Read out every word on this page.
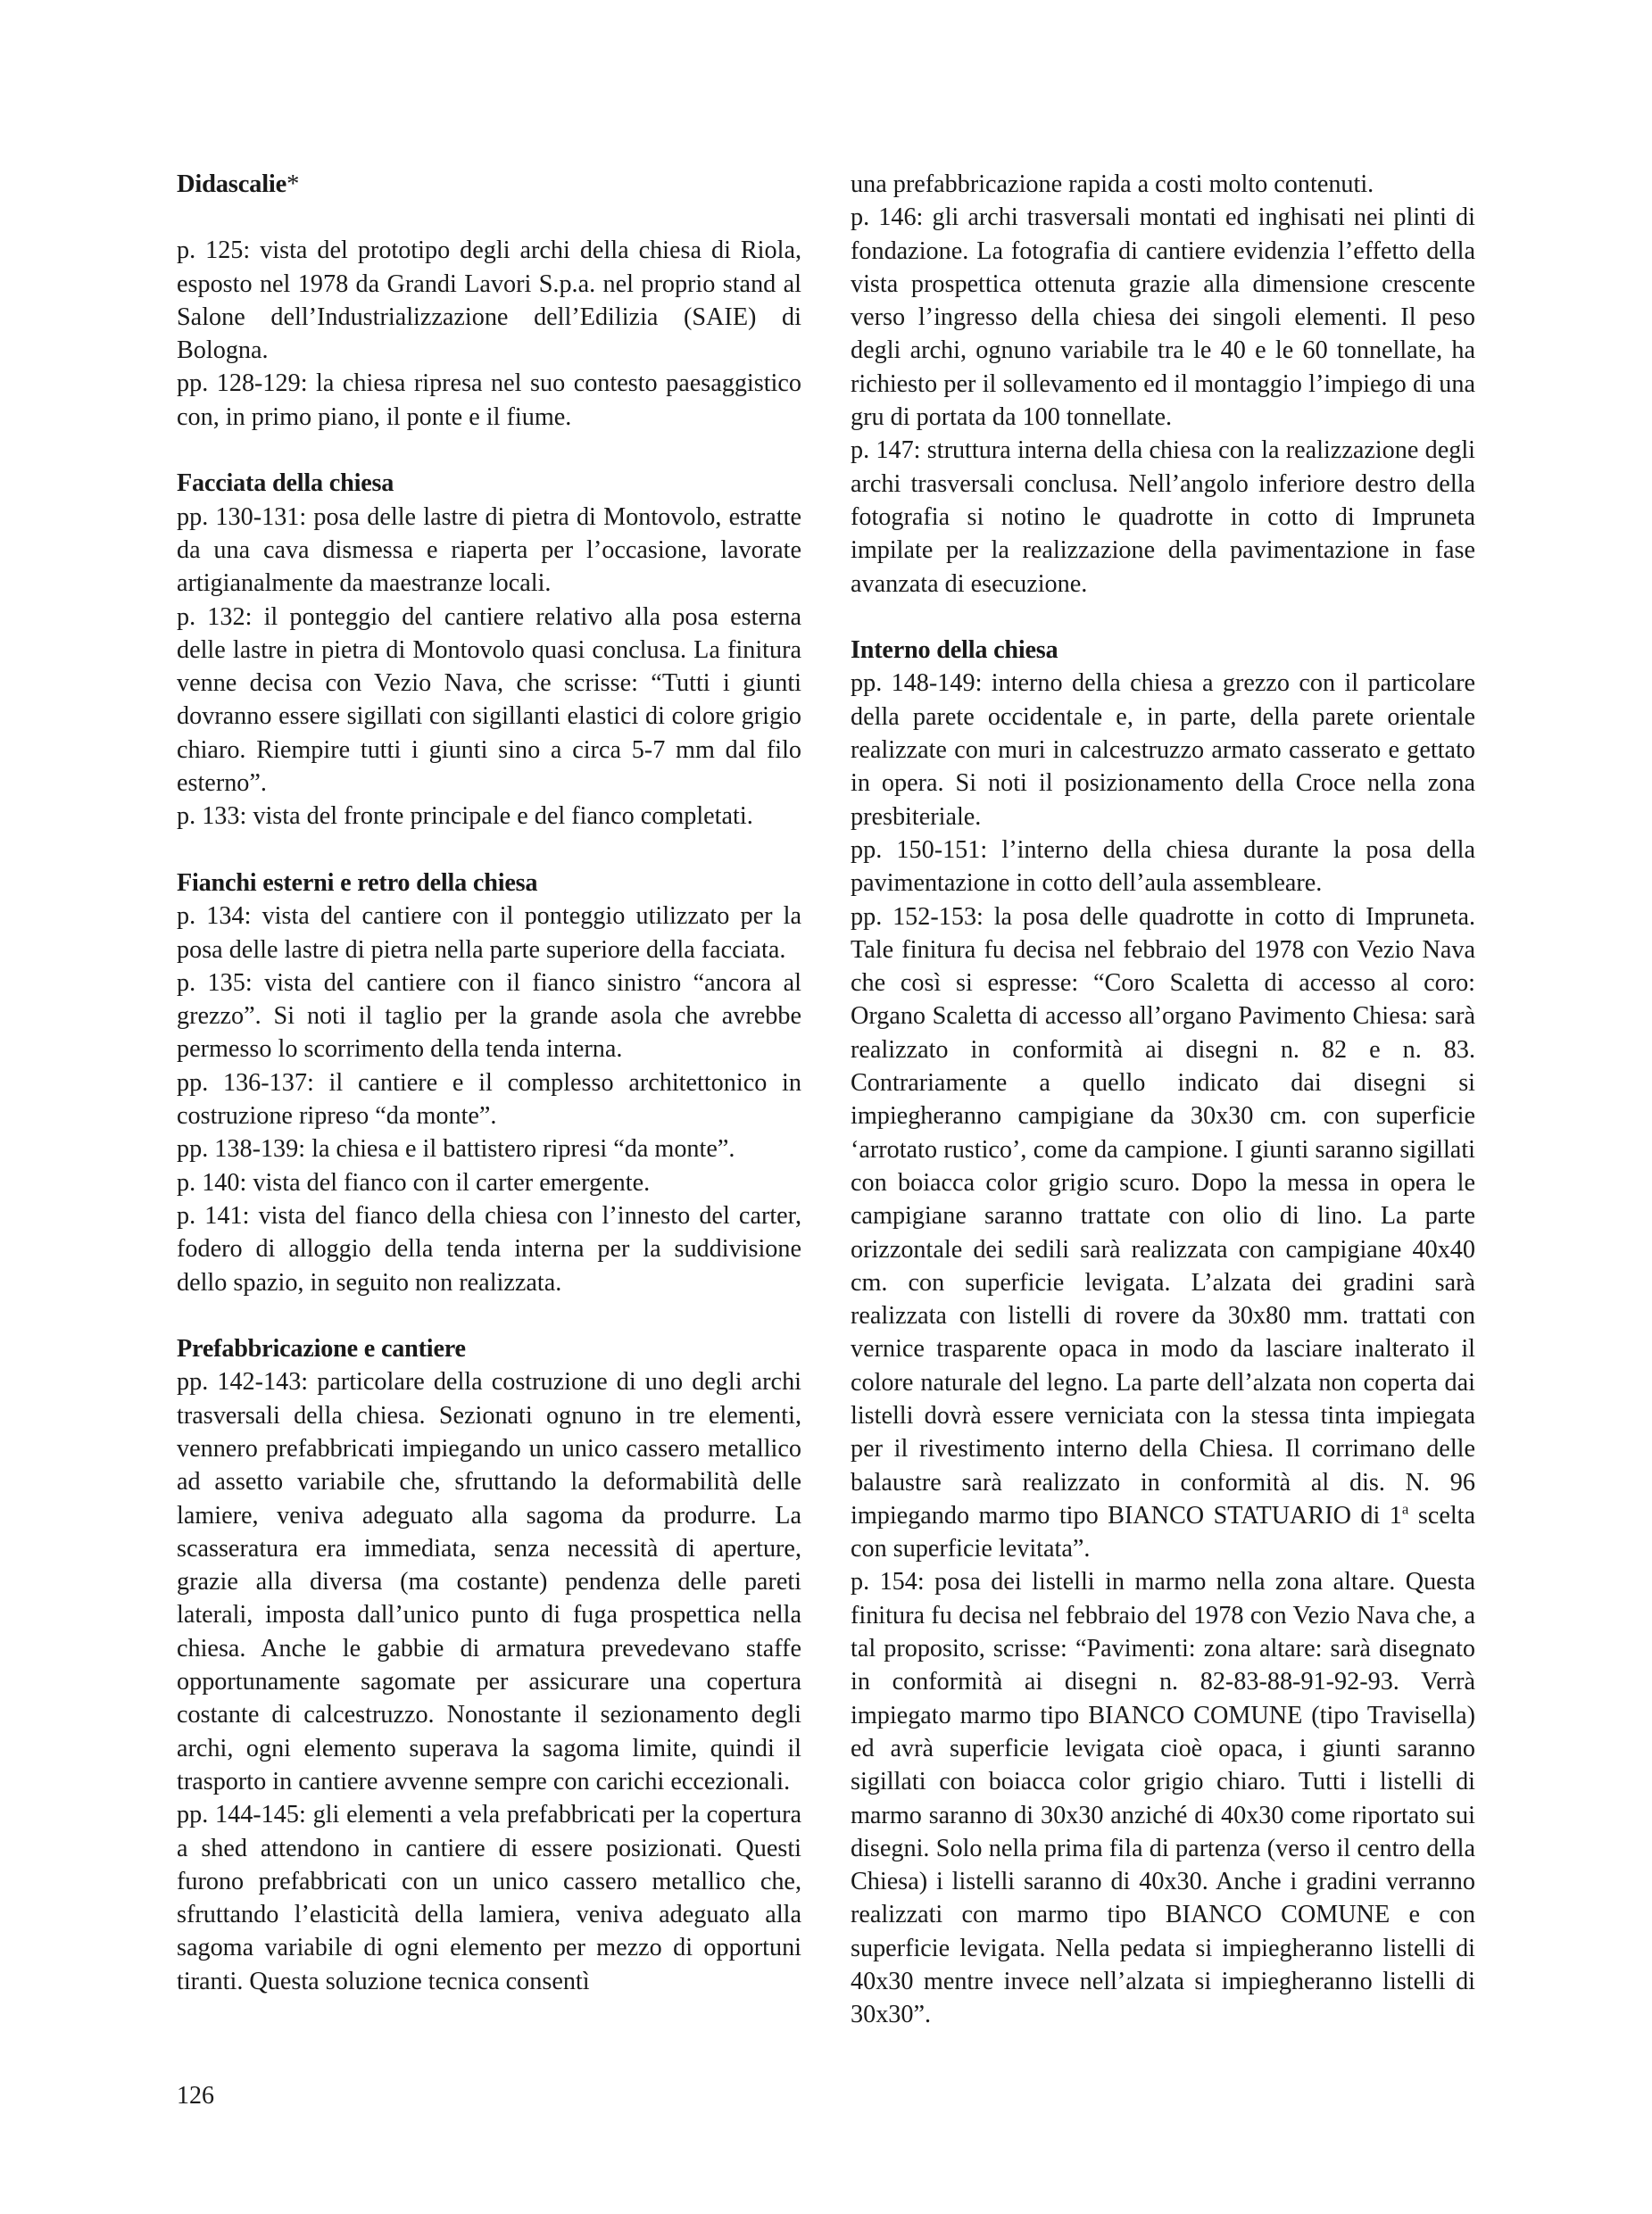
Didascalie*

p. 125: vista del prototipo degli archi della chiesa di Riola, esposto nel 1978 da Grandi Lavori S.p.a. nel proprio stand al Salone dell’Industrializzazione dell’Edilizia (SAIE) di Bologna.

pp. 128-129: la chiesa ripresa nel suo contesto paesaggistico con, in primo piano, il ponte e il fiume.

Facciata della chiesa

pp. 130-131: posa delle lastre di pietra di Montovolo, estratte da una cava dismessa e riaperta per l’occasione, lavorate artigianalmente da maestranze locali.

p. 132: il ponteggio del cantiere relativo alla posa esterna delle lastre in pietra di Montovolo quasi conclusa. La finitura venne decisa con Vezio Nava, che scrisse: “Tutti i giunti dovranno essere sigillati con sigillanti elastici di colore grigio chiaro. Riempire tutti i giunti sino a circa 5-7 mm dal filo esterno”.

p. 133: vista del fronte principale e del fianco completati.

Fianchi esterni e retro della chiesa

p. 134: vista del cantiere con il ponteggio utilizzato per la posa delle lastre di pietra nella parte superiore della facciata.

p. 135: vista del cantiere con il fianco sinistro “ancora al grezzo”. Si noti il taglio per la grande asola che avrebbe permesso lo scorrimento della tenda interna.

pp. 136-137: il cantiere e il complesso architettonico in costruzione ripreso “da monte”.

pp. 138-139: la chiesa e il battistero ripresi “da monte”.

p. 140: vista del fianco con il carter emergente.

p. 141: vista del fianco della chiesa con l’innesto del carter, fodero di alloggio della tenda interna per la suddivisione dello spazio, in seguito non realizzata.

Prefabbricazione e cantiere

pp. 142-143: particolare della costruzione di uno degli archi trasversali della chiesa. Sezionati ognuno in tre elementi, vennero prefabbricati impiegando un unico cassero metallico ad assetto variabile che, sfruttando la deformabilità delle lamiere, veniva adeguato alla sagoma da produrre. La scasseratura era immediata, senza necessità di aperture, grazie alla diversa (ma costante) pendenza delle pareti laterali, imposta dall’unico punto di fuga prospettica nella chiesa. Anche le gabbie di armatura prevedevano staffe opportunamente sagomate per assicurare una copertura costante di calcestruzzo. Nonostante il sezionamento degli archi, ogni elemento superava la sagoma limite, quindi il trasporto in cantiere avvenne sempre con carichi eccezionali.

pp. 144-145: gli elementi a vela prefabbricati per la copertura a shed attendono in cantiere di essere posizionati. Questi furono prefabbricati con un unico cassero metallico che, sfruttando l’elasticità della lamiera, veniva adeguato alla sagoma variabile di ogni elemento per mezzo di opportuni tiranti. Questa soluzione tecnica consentì

una prefabbricazione rapida a costi molto contenuti.

p. 146: gli archi trasversali montati ed inghisati nei plinti di fondazione. La fotografia di cantiere evidenzia l’effetto della vista prospettica ottenuta grazie alla dimensione crescente verso l’ingresso della chiesa dei singoli elementi. Il peso degli archi, ognuno variabile tra le 40 e le 60 tonnellate, ha richiesto per il sollevamento ed il montaggio l’impiego di una gru di portata da 100 tonnellate.

p. 147: struttura interna della chiesa con la realizzazione degli archi trasversali conclusa. Nell’angolo inferiore destro della fotografia si notino le quadrotte in cotto di Impruneta impilate per la realizzazione della pavimentazione in fase avanzata di esecuzione.

Interno della chiesa

pp. 148-149: interno della chiesa a grezzo con il particolare della parete occidentale e, in parte, della parete orientale realizzate con muri in calcestruzzo armato casserato e gettato in opera. Si noti il posizionamento della Croce nella zona presbiteriale.

pp. 150-151: l’interno della chiesa durante la posa della pavimentazione in cotto dell’aula assembleare.

pp. 152-153: la posa delle quadrotte in cotto di Impruneta. Tale finitura fu decisa nel febbraio del 1978 con Vezio Nava che così si espresse: “Coro Scaletta di accesso al coro: Organo Scaletta di accesso all’organo Pavimento Chiesa: sarà realizzato in conformità ai disegni n. 82 e n. 83. Contrariamente a quello indicato dai disegni si impiegheranno campigiane da 30x30 cm. con superficie ‘arrotato rustico’, come da campione. I giunti saranno sigillati con boiacca color grigio scuro. Dopo la messa in opera le campigiane saranno trattate con olio di lino. La parte orizzontale dei sedili sarà realizzata con campigiane 40x40 cm. con superficie levigata. L’alzata dei gradini sarà realizzata con listelli di rovere da 30x80 mm. trattati con vernice trasparente opaca in modo da lasciare inalterato il colore naturale del legno. La parte dell’alzata non coperta dai listelli dovrà essere verniciata con la stessa tinta impiegata per il rivestimento interno della Chiesa. Il corrimano delle balaustre sarà realizzato in conformità al dis. N. 96 impiegando marmo tipo BIANCO STATUARIO di 1$^a$ scelta con superficie levitata”.

p. 154: posa dei listelli in marmo nella zona altare. Questa finitura fu decisa nel febbraio del 1978 con Vezio Nava che, a tal proposito, scrisse: “Pavimenti: zona altare: sarà disegnato in conformità ai disegni n. 82-83-88-91-92-93. Verrà impiegato marmo tipo BIANCO COMUNE (tipo Travisella) ed avrà superficie levigata cioè opaca, i giunti saranno sigillati con boiacca color grigio chiaro. Tutti i listelli di marmo saranno di 30x30 anziché di 40x30 come riportato sui disegni. Solo nella prima fila di partenza (verso il centro della Chiesa) i listelli saranno di 40x30. Anche i gradini verranno realizzati con marmo tipo BIANCO COMUNE e con superficie levigata. Nella pedata si impiegheranno listelli di 40x30 mentre invece nell’alzata si impiegheranno listelli di 30x30”.

126
